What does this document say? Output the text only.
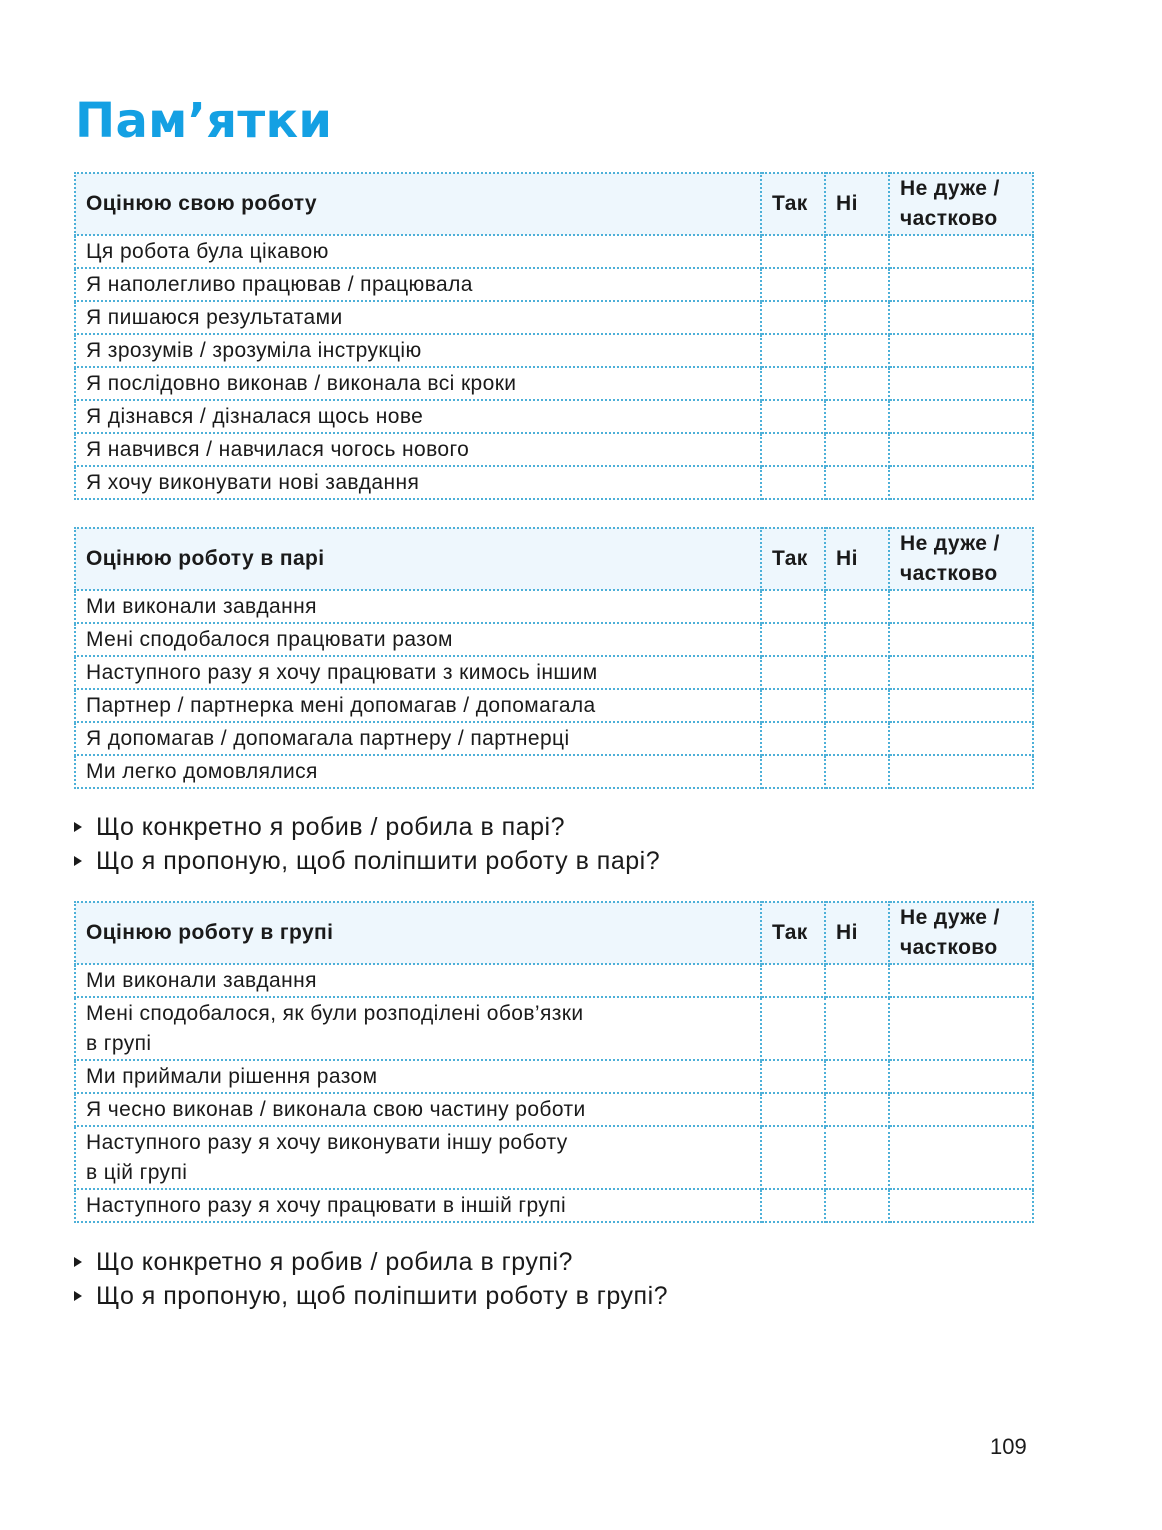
Пам’ятки
Оцінюю свою роботу	Так	Ні	Не дуже / частково
Ця робота була цікавою			
Я наполегливо працював / працювала			
Я пишаюся результатами			
Я зрозумів / зрозуміла інструкцію			
Я послідовно виконав / виконала всі кроки			
Я дізнався / дізналася щось нове			
Я навчився / навчилася чогось нового			
Я хочу виконувати нові завдання			
Оцінюю роботу в парі	Так	Ні	Не дуже / частково
Ми виконали завдання			
Мені сподобалося працювати разом			
Наступного разу я хочу працювати з кимось іншим			
Партнер / партнерка мені допомагав / допомагала			
Я допомагав / допомагала партнеру / партнерці			
Ми легко домовлялися			
Що конкретно я робив / робила в парі?
Що я пропоную, щоб поліпшити роботу в парі?
Оцінюю роботу в групі	Так	Ні	Не дуже / частково
Ми виконали завдання			
Мені сподобалося, як були розподілені обов’язки
в групі			
Ми приймали рішення разом			
Я чесно виконав / виконала свою частину роботи			
Наступного разу я хочу виконувати іншу роботу
в цій групі			
Наступного разу я хочу працювати в іншій групі			
Що конкретно я робив / робила в групі?
Що я пропоную, щоб поліпшити роботу в групі?
109
